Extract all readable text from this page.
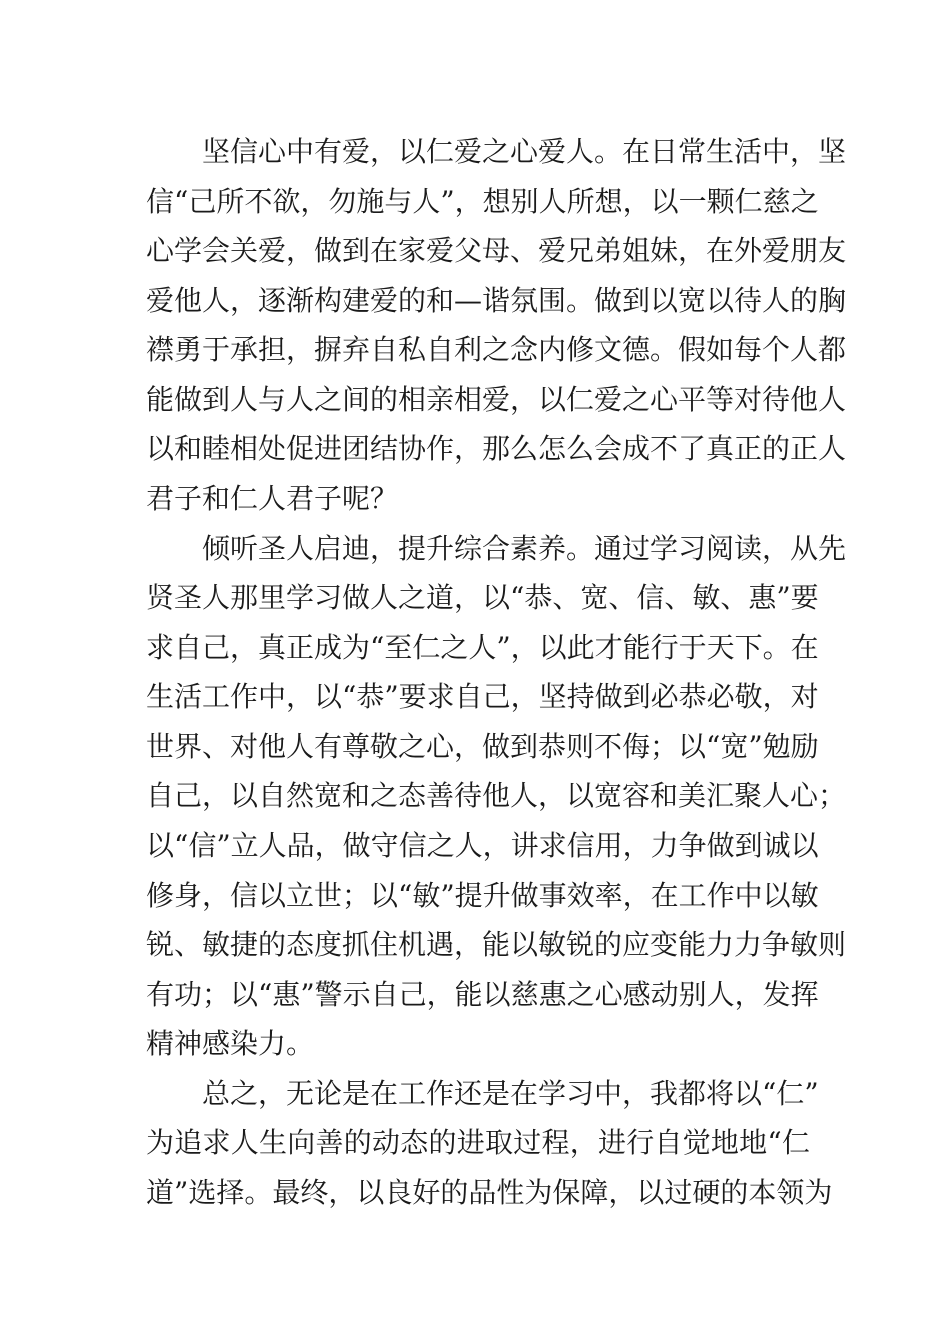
坚信心中有爱，以仁爱之心爱人。在日常生活中，坚
信“己所不欲，勿施与人”，想别人所想，以一颗仁慈之
心学会关爱，做到在家爱父母、爱兄弟姐妹，在外爱朋友
爱他人，逐渐构建爱的和—谐氛围。做到以宽以待人的胸
襟勇于承担，摒弃自私自利之念内修文德。假如每个人都
能做到人与人之间的相亲相爱，以仁爱之心平等对待他人
以和睦相处促进团结协作，那么怎么会成不了真正的正人
君子和仁人君子呢？
倾听圣人启迪，提升综合素养。通过学习阅读，从先
贤圣人那里学习做人之道，以“恭、宽、信、敏、惠”要
求自己，真正成为“至仁之人”，以此才能行于天下。在
生活工作中，以“恭”要求自己，坚持做到必恭必敬，对
世界、对他人有尊敬之心，做到恭则不侮；以“宽”勉励
自己，以自然宽和之态善待他人，以宽容和美汇聚人心；
以“信”立人品，做守信之人，讲求信用，力争做到诚以
修身，信以立世；以“敏”提升做事效率，在工作中以敏
锐、敏捷的态度抓住机遇，能以敏锐的应变能力力争敏则
有功；以“惠”警示自己，能以慈惠之心感动别人，发挥
精神感染力。
总之，无论是在工作还是在学习中，我都将以“仁”
为追求人生向善的动态的进取过程，进行自觉地地“仁
道”选择。最终，以良好的品性为保障，以过硬的本领为
